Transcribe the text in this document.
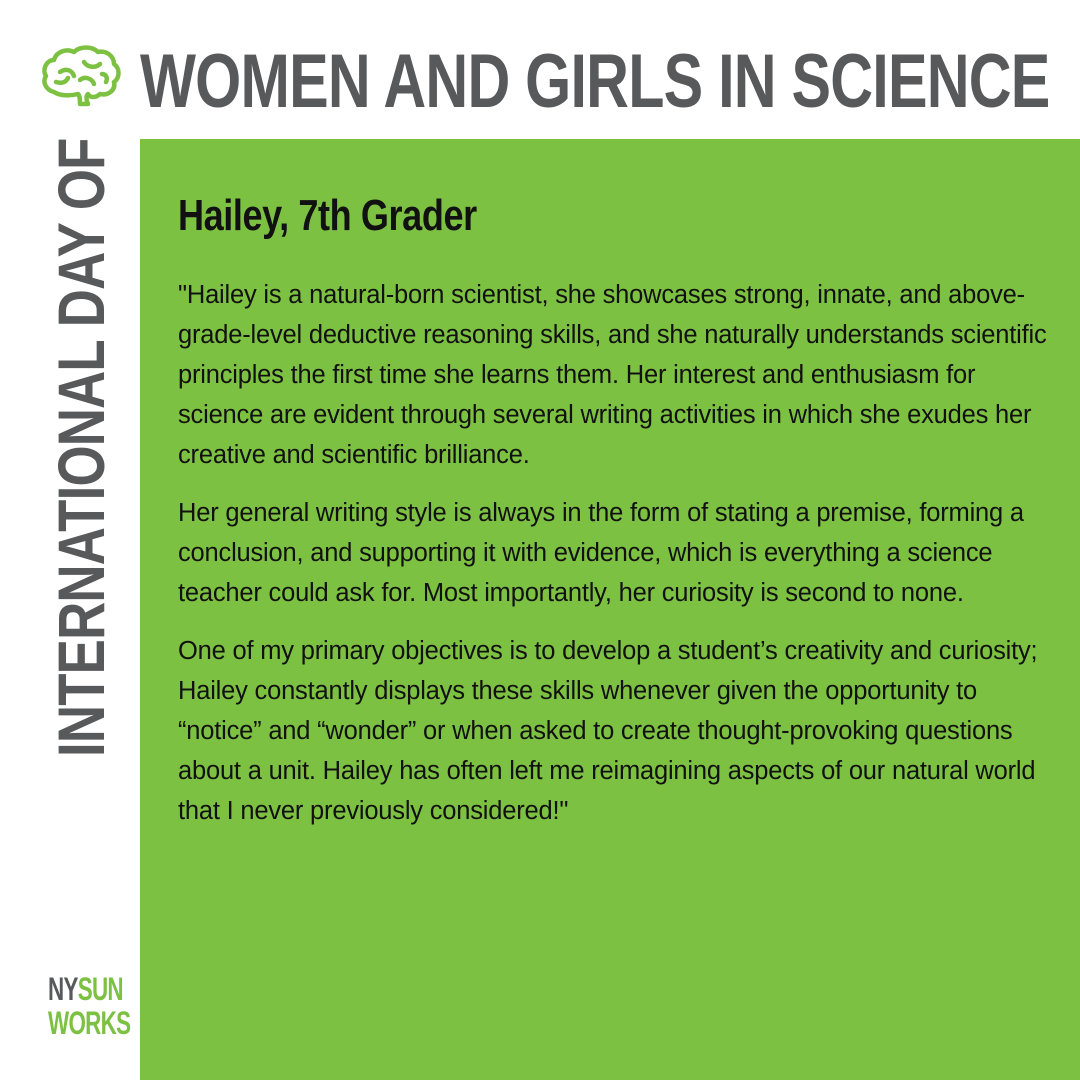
WOMEN AND GIRLS IN SCIENCE
INTERNATIONAL DAY OF Hailey, 7th Grader

"Hailey is a natural-born scientist, she showcases strong, innate, and above-grade-level deductive reasoning skills, and she naturally understands scientific principles the first time she learns them. Her interest and enthusiasm for science are evident through several writing activities in which she exudes her creative and scientific brilliance.

Her general writing style is always in the form of stating a premise, forming a conclusion, and supporting it with evidence, which is everything a science teacher could ask for. Most importantly, her curiosity is second to none.

One of my primary objectives is to develop a student’s creativity and curiosity; Hailey constantly displays these skills whenever given the opportunity to “notice” and “wonder” or when asked to create thought-provoking questions about a unit. Hailey has often left me reimagining aspects of our natural world that I never previously considered!"

NYSUN
WORKS
